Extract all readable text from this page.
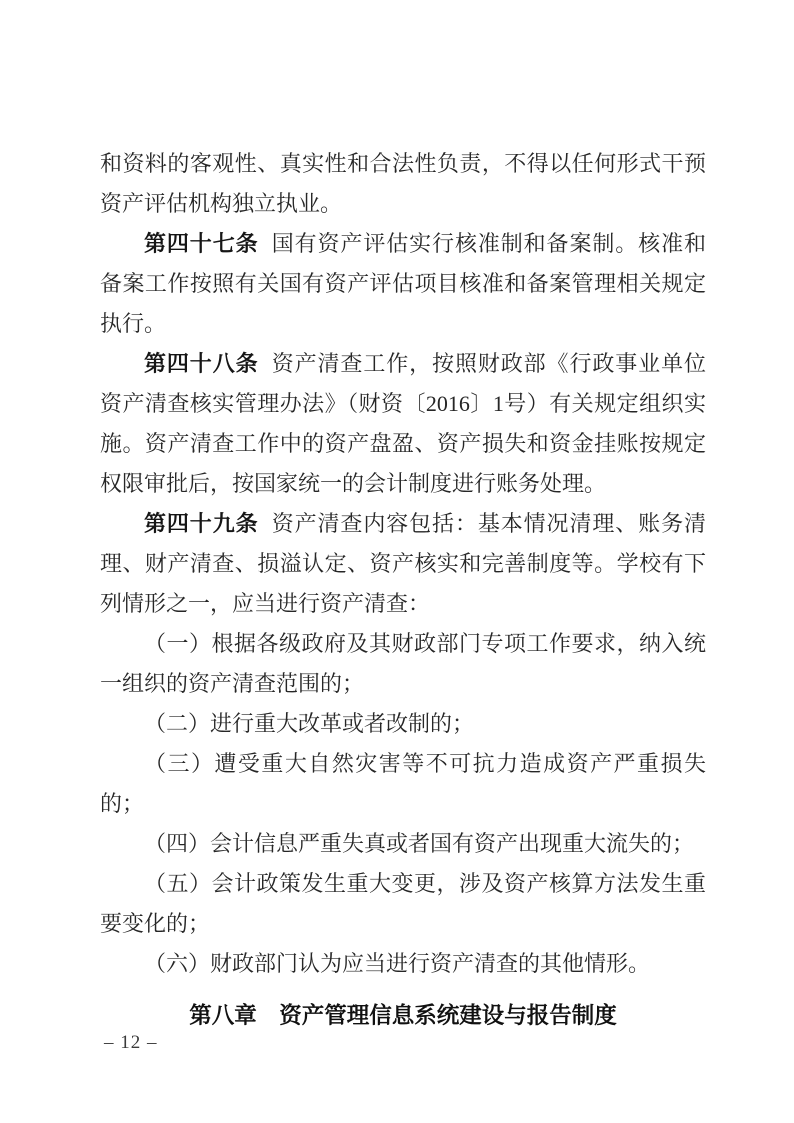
和资料的客观性、真实性和合法性负责，不得以任何形式干预资产评估机构独立执业。

第四十七条 国有资产评估实行核准制和备案制。核准和备案工作按照有关国有资产评估项目核准和备案管理相关规定执行。

第四十八条 资产清查工作，按照财政部《行政事业单位资产清查核实管理办法》（财资〔2016〕1号）有关规定组织实施。资产清查工作中的资产盘盈、资产损失和资金挂账按规定权限审批后，按国家统一的会计制度进行账务处理。

第四十九条 资产清查内容包括：基本情况清理、账务清理、财产清查、损溢认定、资产核实和完善制度等。学校有下列情形之一，应当进行资产清查：

（一）根据各级政府及其财政部门专项工作要求，纳入统一组织的资产清查范围的；

（二）进行重大改革或者改制的；

（三）遭受重大自然灾害等不可抗力造成资产严重损失的；

（四）会计信息严重失真或者国有资产出现重大流失的；

（五）会计政策发生重大变更，涉及资产核算方法发生重要变化的；

（六）财政部门认为应当进行资产清查的其他情形。

第八章　资产管理信息系统建设与报告制度
– 12 –
